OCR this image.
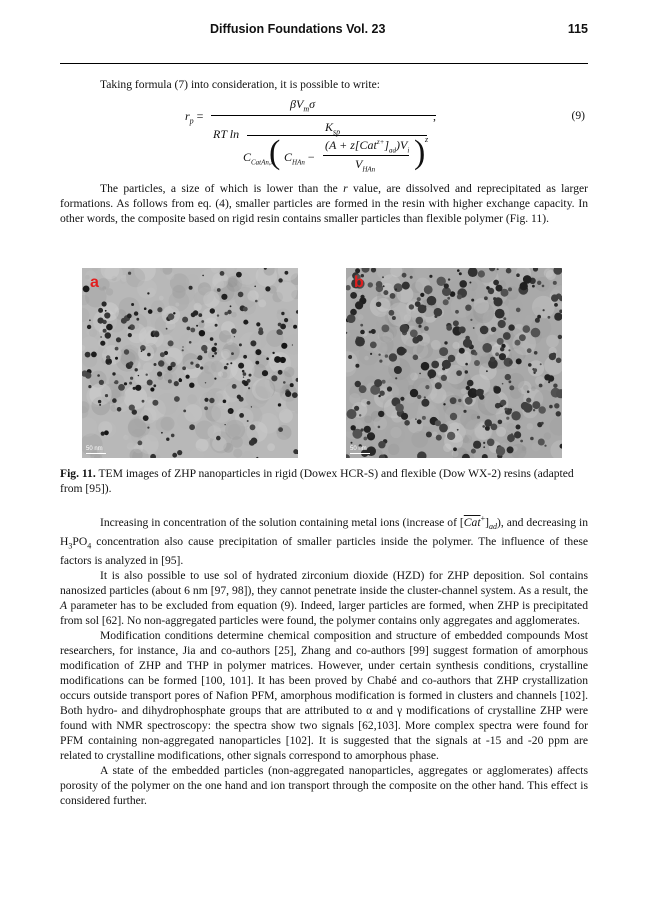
Diffusion Foundations Vol. 23	115
Taking formula (7) into consideration, it is possible to write:
$r_p$ =
$\beta V_m\sigma$
,
RT ln	$K_{sp}$
(	) z
$C_{CatAn,x}$ $C_{HAn}$ −
$(A + z[Cat^{z+}]_{ad})V_i$
$V_{HAn}$
(9)

The particles, a size of which is lower than the r value, are dissolved and reprecipitated as larger formations. As follows from eq. (4), smaller particles are formed in the resin with higher exchange capacity. In other words, the composite based on rigid resin contains smaller particles than flexible polymer (Fig. 11).

a
50 nm
b
50 nm
Fig. 11. TEM images of ZHP nanoparticles in rigid (Dowex HCR-S) and flexible (Dow WX-2) resins (adapted from [95]).

Increasing in concentration of the solution containing metal ions (increase of $[\overline{Cat}^+]_{ad}$), and decreasing in $H_3PO_4$ concentration also cause precipitation of smaller particles inside the polymer. The influence of these factors is analyzed in [95].

It is also possible to use sol of hydrated zirconium dioxide (HZD) for ZHP deposition. Sol contains nanosized particles (about 6 nm [97, 98]), they cannot penetrate inside the cluster-channel system. As a result, the A parameter has to be excluded from equation (9). Indeed, larger particles are formed, when ZHP is precipitated from sol [62]. No non-aggregated particles were found, the polymer contains only aggregates and agglomerates.

Modification conditions determine chemical composition and structure of embedded compounds Most researchers, for instance, Jia and co-authors [25], Zhang and co-authors [99] suggest formation of amorphous modification of ZHP and THP in polymer matrices. However, under certain synthesis conditions, crystalline modifications can be formed [100, 101]. It has been proved by Chabé and co-authors that ZHP crystallization occurs outside transport pores of Nafion PFM, amorphous modification is formed in clusters and channels [102]. Both hydro- and dihydrophosphate groups that are attributed to α and γ modifications of crystalline ZHP were found with NMR spectroscopy: the spectra show two signals [62,103]. More complex spectra were found for PFM containing non-aggregated nanoparticles [102]. It is suggested that the signals at -15 and -20 ppm are related to crystalline modifications, other signals correspond to amorphous phase.

A state of the embedded particles (non-aggregated nanoparticles, aggregates or agglomerates) affects porosity of the polymer on the one hand and ion transport through the composite on the other hand. This effect is considered further.
